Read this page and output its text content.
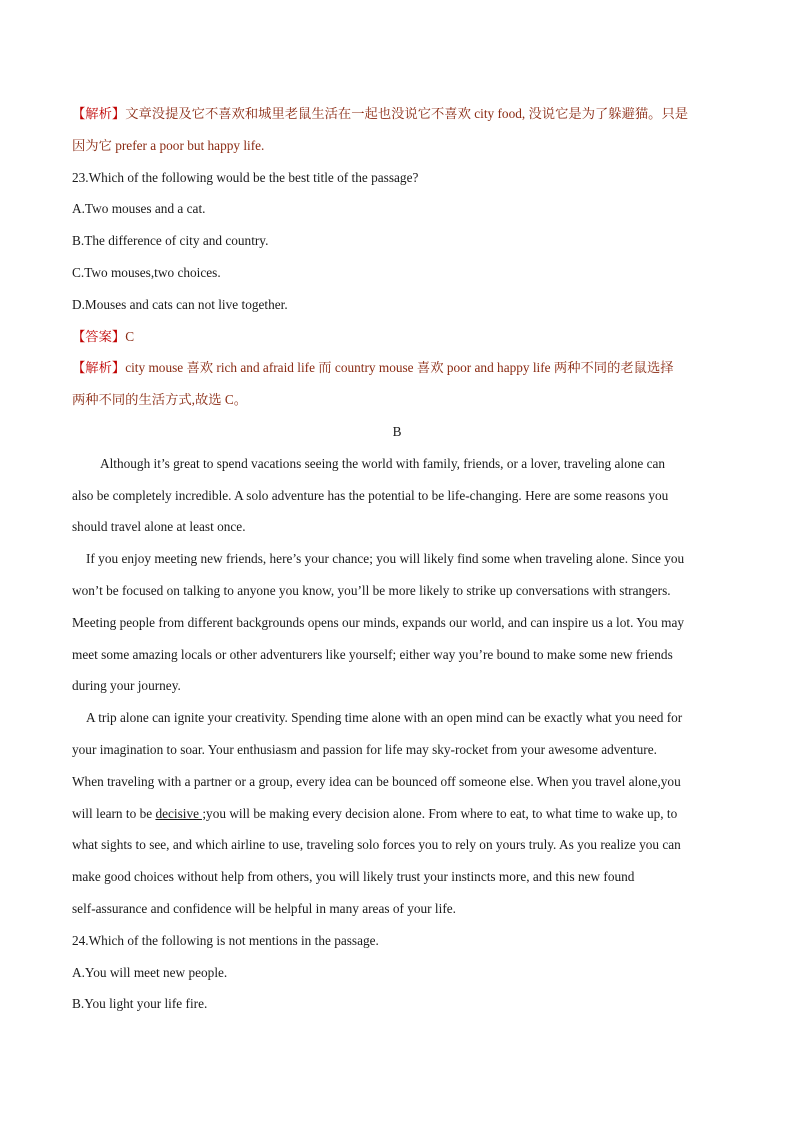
【解析】文章没提及它不喜欢和城里老鼠生活在一起也没说它不喜欢 city food, 没说它是为了躲避猫。只是
因为它 prefer a poor but happy life.
23.Which of the following would be the best title of the passage?
A.Two mouses and a cat.
B.The difference of city and country.
C.Two mouses,two choices.
D.Mouses and cats can not live together.
【答案】C
【解析】city mouse 喜欢 rich and afraid life 而 country mouse 喜欢 poor and happy life 两种不同的老鼠选择
两种不同的生活方式,故选 C。
B
Although it’s great to spend vacations seeing the world with family, friends, or a lover, traveling alone can
also be completely incredible. A solo adventure has the potential to be life-changing. Here are some reasons you
should travel alone at least once.
If you enjoy meeting new friends, here’s your chance; you will likely find some when traveling alone. Since you
won’t be focused on talking to anyone you know, you’ll be more likely to strike up conversations with strangers.
Meeting people from different backgrounds opens our minds, expands our world, and can inspire us a lot. You may
meet some amazing locals or other adventurers like yourself; either way you’re bound to make some new friends
during your journey.
A trip alone can ignite your creativity. Spending time alone with an open mind can be exactly what you need for
your imagination to soar. Your enthusiasm and passion for life may sky-rocket from your awesome adventure.
When traveling with a partner or a group, every idea can be bounced off someone else. When you travel alone,you
will learn to be decisive ;you will be making every decision alone. From where to eat, to what time to wake up, to
what sights to see, and which airline to use, traveling solo forces you to rely on yours truly. As you realize you can
make good choices without help from others, you will likely trust your instincts more, and this new found
self-assurance and confidence will be helpful in many areas of your life.
24.Which of the following is not mentions in the passage.
A.You will meet new people.
B.You light your life fire.
